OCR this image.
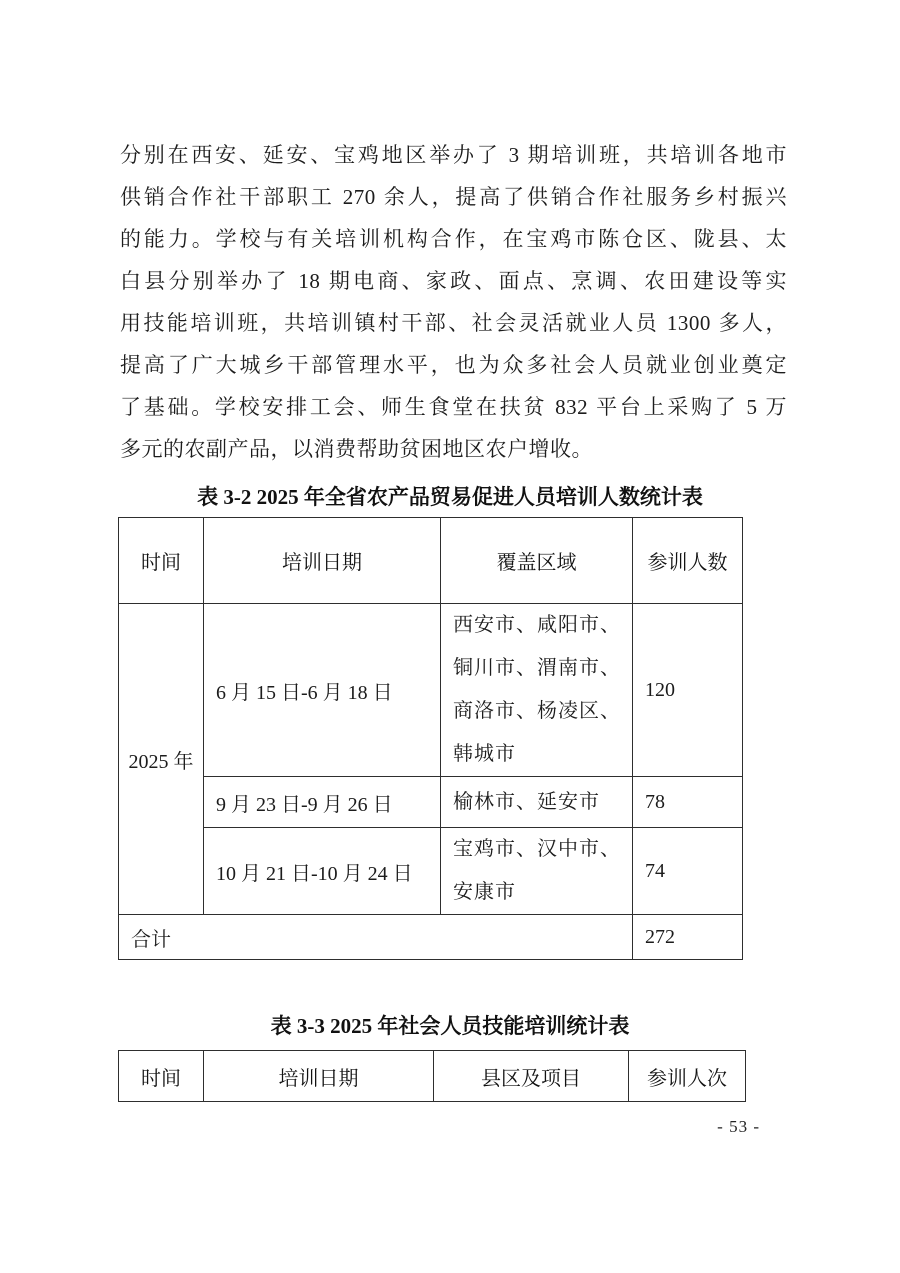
分别在西安、延安、宝鸡地区举办了 3 期培训班，共培训各地市
供销合作社干部职工 270 余人，提高了供销合作社服务乡村振兴
的能力。学校与有关培训机构合作，在宝鸡市陈仓区、陇县、太
白县分别举办了 18 期电商、家政、面点、烹调、农田建设等实
用技能培训班，共培训镇村干部、社会灵活就业人员 1300 多人，
提高了广大城乡干部管理水平，也为众多社会人员就业创业奠定
了基础。学校安排工会、师生食堂在扶贫 832 平台上采购了 5 万
多元的农副产品，以消费帮助贫困地区农户增收。
表 3-2 2025 年全省农产品贸易促进人员培训人数统计表
时间	培训日期	覆盖区域	参训人数
2025 年	6 月 15 日-6 月 18 日	西安市、咸阳市、铜川市、渭南市、商洛市、杨凌区、韩城市	120
	9 月 23 日-9 月 26 日	榆林市、延安市	78
	10 月 21 日-10 月 24 日	宝鸡市、汉中市、安康市	74
合计			272
表 3-3 2025 年社会人员技能培训统计表
时间	培训日期	县区及项目	参训人次
- 53 -
